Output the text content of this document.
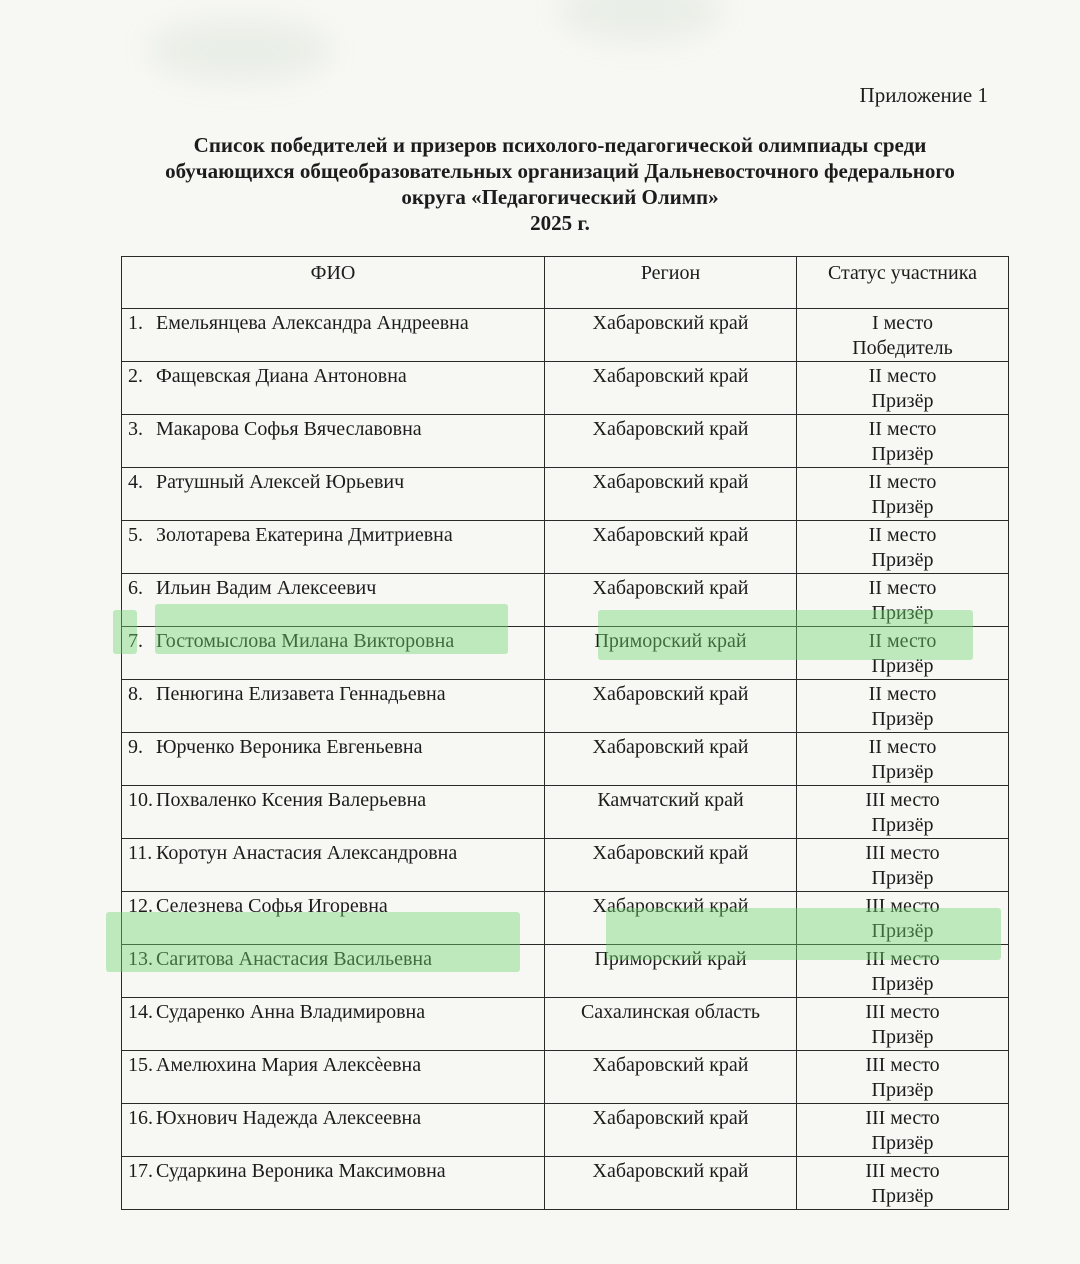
Приложение 1
Список победителей и призеров психолого-педагогической олимпиады среди
обучающихся общеобразовательных организаций Дальневосточного федерального
округа «Педагогический Олимп»
2025 г.
ФИО	Регион	Статус участника
1. Емельянцева Александра Андреевна	Хабаровский край	I место
Победитель

2. Фащевская Диана Антоновна	Хабаровский край	II место
Призёр

3. Макарова Софья Вячеславовна	Хабаровский край	II место
Призёр

4. Ратушный Алексей Юрьевич	Хабаровский край	II место
Призёр

5. Золотарева Екатерина Дмитриевна	Хабаровский край	II место
Призёр

6. Ильин Вадим Алексеевич	Хабаровский край	II место
Призёр

7. Гостомыслова Милана Викторовна	Приморский край	II место
Призёр

8. Пенюгина Елизавета Геннадьевна	Хабаровский край	II место
Призёр

9. Юрченко Вероника Евгеньевна	Хабаровский край	II место
Призёр

10. Похваленко Ксения Валерьевна	Камчатский край	III место
Призёр

11. Коротун Анастасия Александровна	Хабаровский край	III место
Призёр

12. Селезнева Софья Игоревна	Хабаровский край	III место
Призёр

13. Сагитова Анастасия Васильевна	Приморский край	III место
Призёр

14. Сударенко Анна Владимировна	Сахалинская область	III место
Призёр

15. Амелюхина Мария Алексèевна	Хабаровский край	III место
Призёр

16. Юхнович Надежда Алексеевна	Хабаровский край	III место
Призёр

17. Сударкина Вероника Максимовна	Хабаровский край	III место
Призёр
